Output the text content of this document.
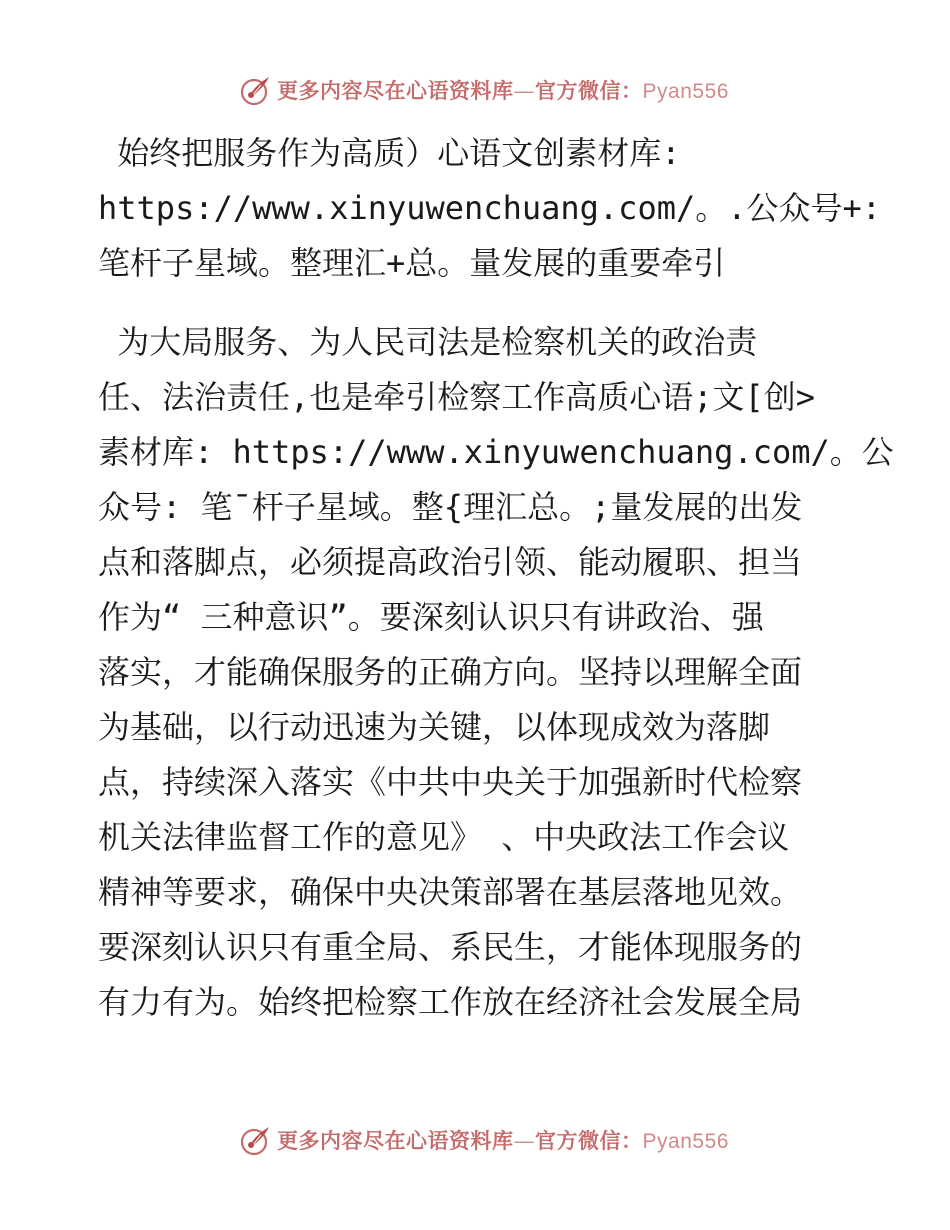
更多内容尽在心语资料库—官方微信：Pyan556
始终把服务作为高质）心语文创素材库:
https://www.xinyuwenchuang.com/。.公众号+:
笔杆子星域。整理汇+总。量发展的重要牵引
为大局服务、为人民司法是检察机关的政治责
任、法治责任,也是牵引检察工作高质心语;文[创>
素材库: https://www.xinyuwenchuang.com/。公
众号: 笔¯杆子星域。整{理汇总。;量发展的出发
点和落脚点，必须提高政治引领、能动履职、担当
作为“ 三种意识”。要深刻认识只有讲政治、强
落实，才能确保服务的正确方向。坚持以理解全面
为基础，以行动迅速为关键，以体现成效为落脚
点，持续深入落实《中共中央关于加强新时代检察
机关法律监督工作的意见》 、中央政法工作会议
精神等要求，确保中央决策部署在基层落地见效。
要深刻认识只有重全局、系民生，才能体现服务的
有力有为。始终把检察工作放在经济社会发展全局
更多内容尽在心语资料库—官方微信：Pyan556
